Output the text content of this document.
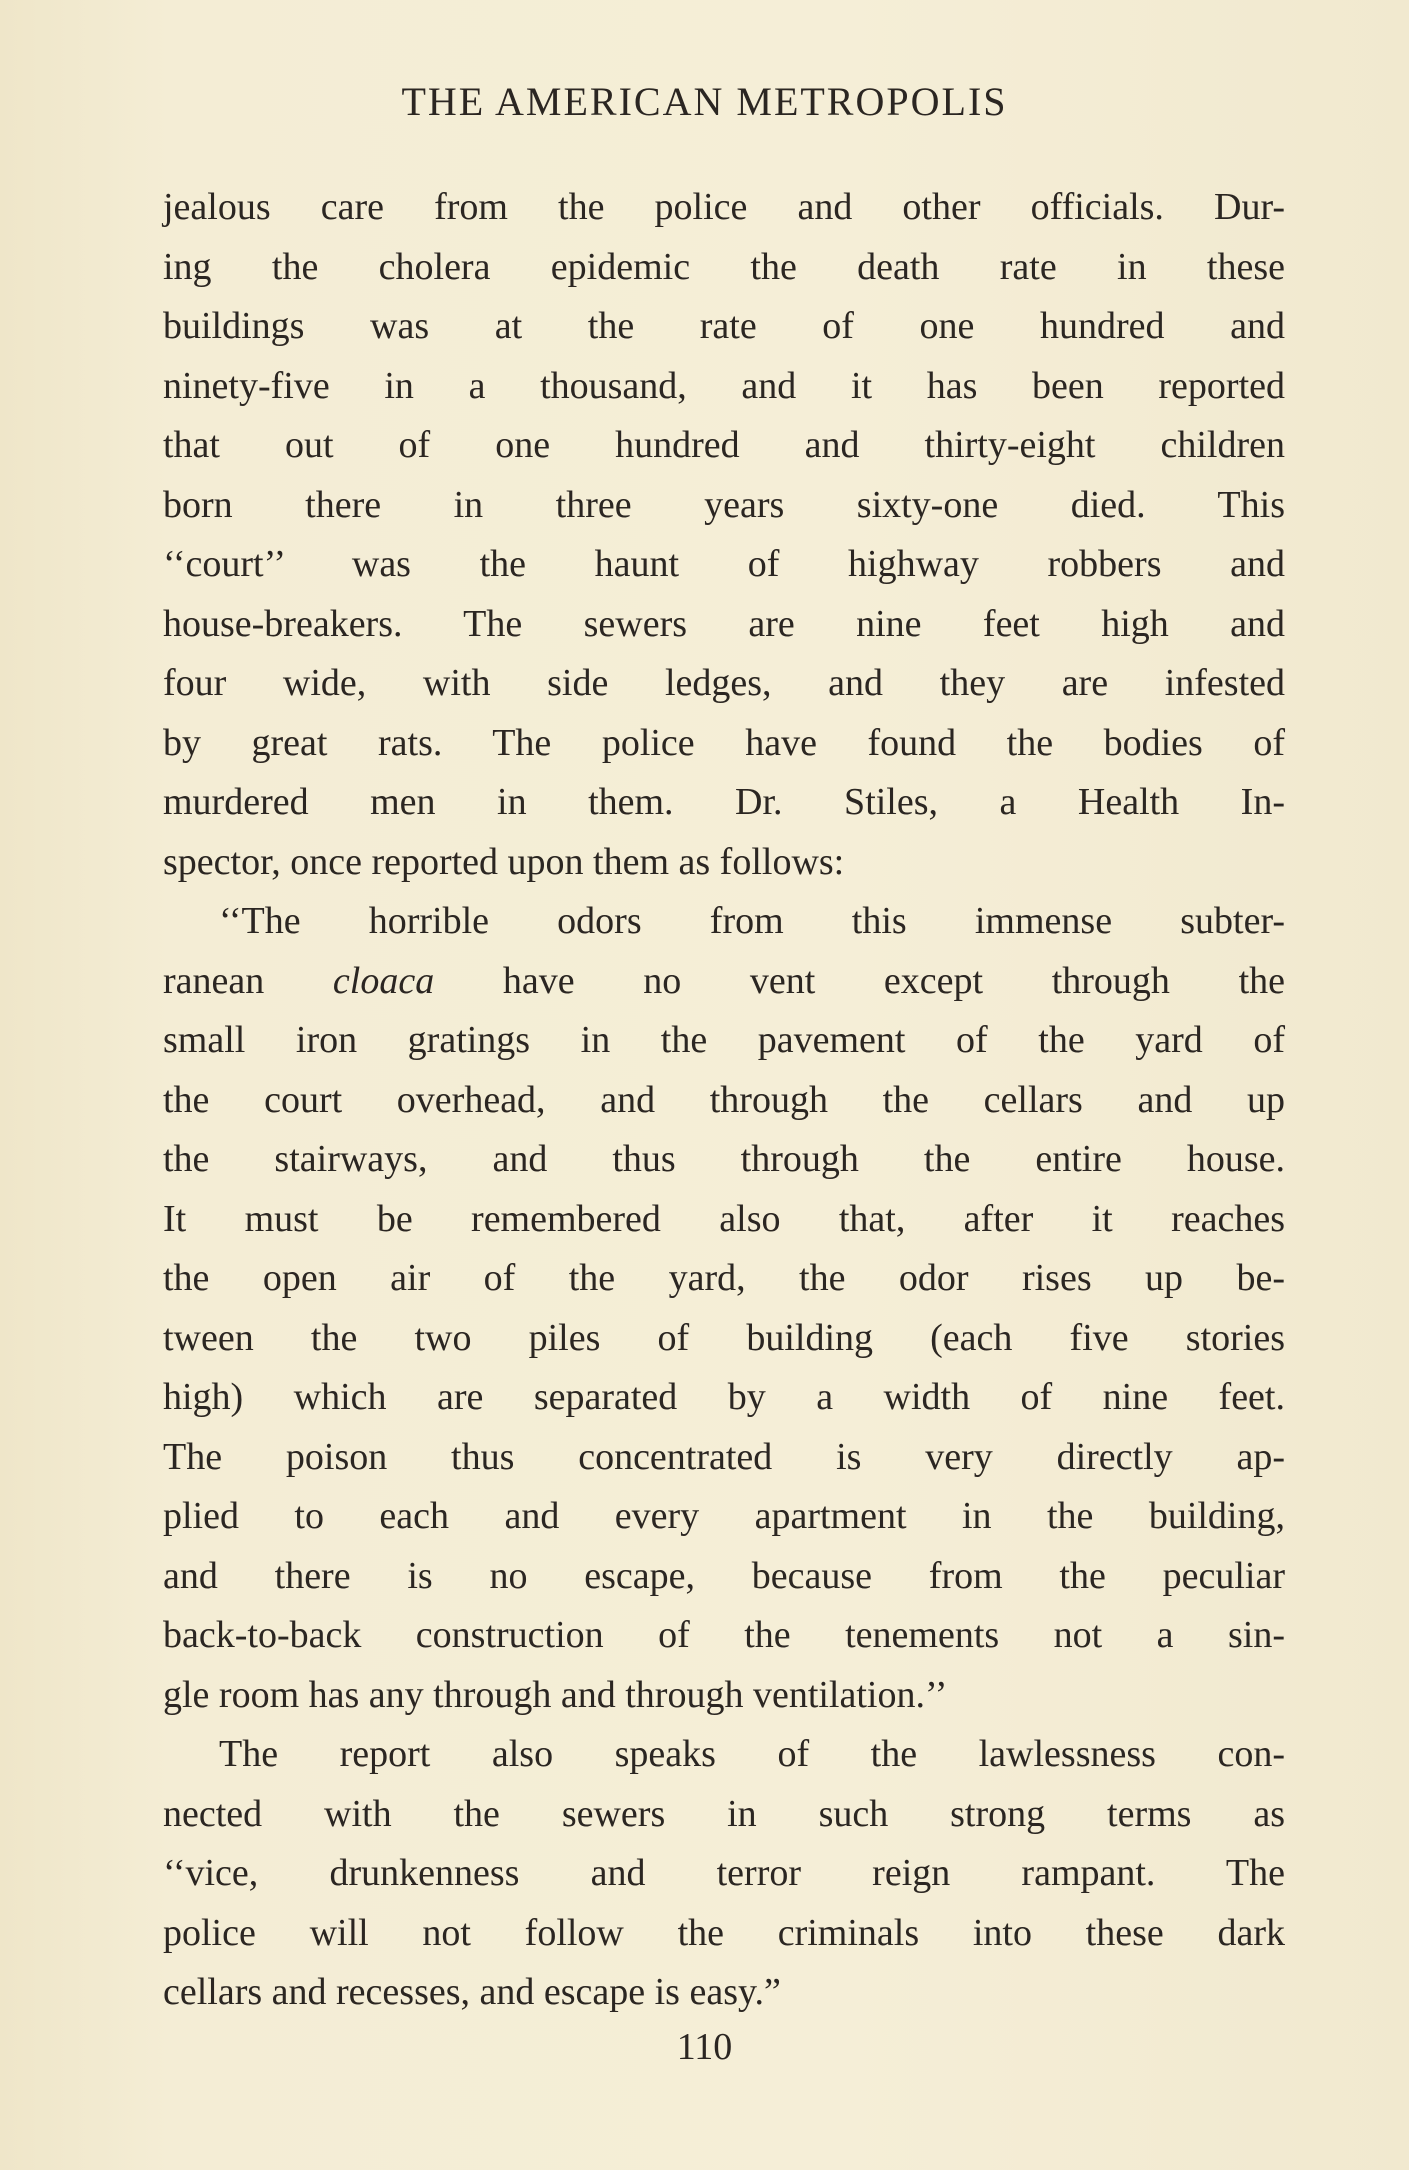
THE AMERICAN METROPOLIS
jealous care from the police and other officials. Dur-
ing the cholera epidemic the death rate in these
buildings was at the rate of one hundred and
ninety-five in a thousand, and it has been reported
that out of one hundred and thirty-eight children
born there in three years sixty-one died. This
‘‘court’’ was the haunt of highway robbers and
house-breakers. The sewers are nine feet high and
four wide, with side ledges, and they are infested
by great rats. The police have found the bodies of
murdered men in them. Dr. Stiles, a Health In-
spector, once reported upon them as follows:
‘‘The horrible odors from this immense subter-
ranean cloaca have no vent except through the
small iron gratings in the pavement of the yard of
the court overhead, and through the cellars and up
the stairways, and thus through the entire house.
It must be remembered also that, after it reaches
the open air of the yard, the odor rises up be-
tween the two piles of building (each five stories
high) which are separated by a width of nine feet.
The poison thus concentrated is very directly ap-
plied to each and every apartment in the building,
and there is no escape, because from the peculiar
back-to-back construction of the tenements not a sin-
gle room has any through and through ventilation.’’
The report also speaks of the lawlessness con-
nected with the sewers in such strong terms as
‘‘vice, drunkenness and terror reign rampant. The
police will not follow the criminals into these dark
cellars and recesses, and escape is easy.”
110
